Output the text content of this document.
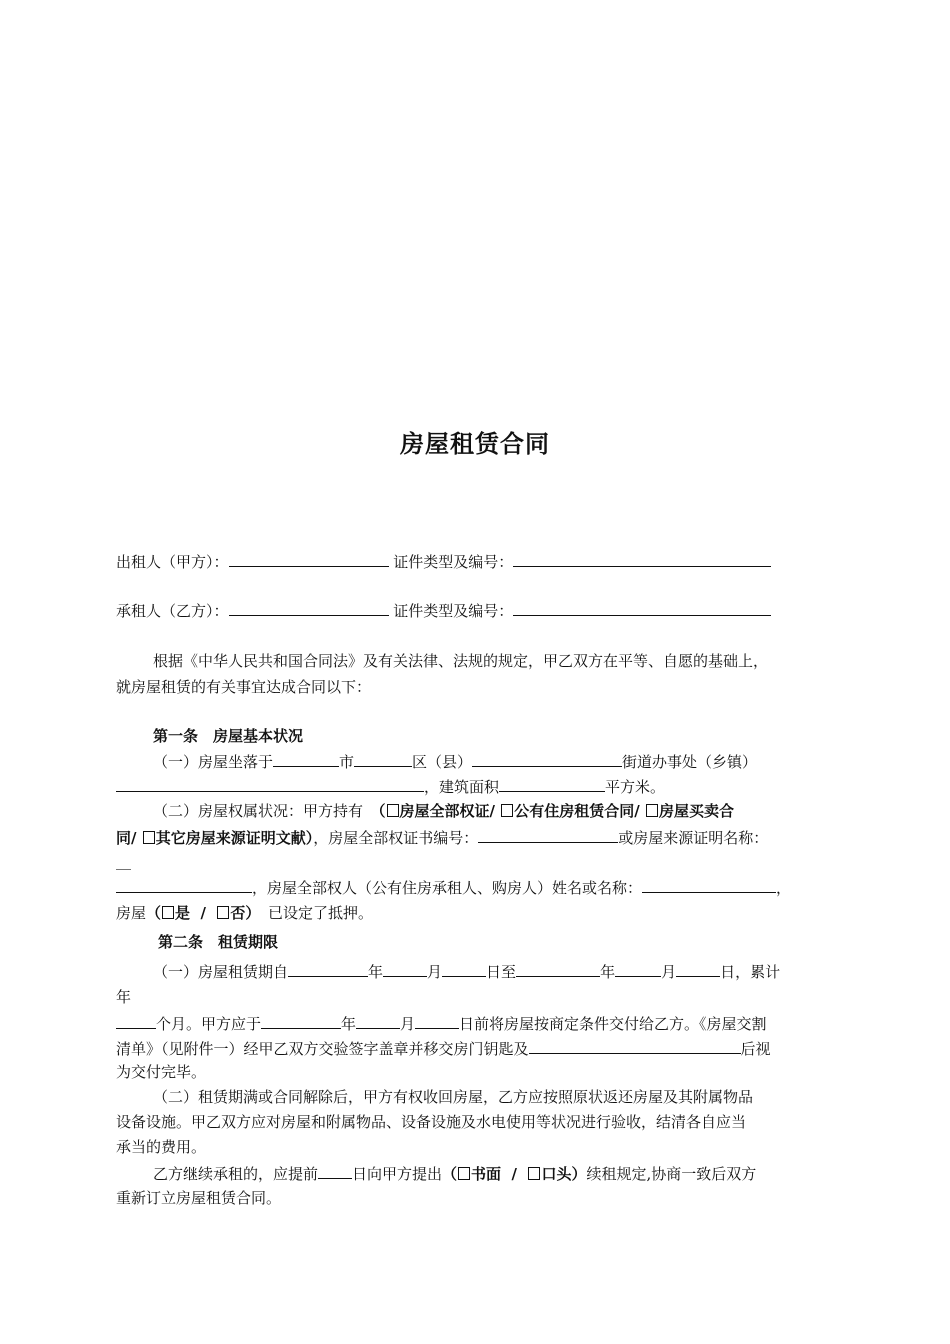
房屋租赁合同
出租人（甲方）：	证件类型及编号：
承租人（乙方）：	证件类型及编号：
根据《中华人民共和国合同法》及有关法律、法规的规定，甲乙双方在平等、自愿的基础上，
就房屋租赁的有关事宜达成合同以下：
第一条　房屋基本状况
（一）房屋坐落于	市	区（县）	街道办事处（乡镇）
，建筑面积	平方米。
（二）房屋权属状况：甲方持有　（ 房屋全部权证/ 公有住房租赁合同/ 房屋买卖合
同/ 其它房屋来源证明文献），房屋全部权证书编号：	或房屋来源证明名称：
__
，房屋全部权人（公有住房承租人、购房人）姓名或名称：	，
房屋（ 是  /  否）　已设定了抵押。
第二条　租赁期限
（一）房屋租赁期自	年	月	日至	年	月	日，累计
年
个月。甲方应于	年	月	日前将房屋按商定条件交付给乙方。《房屋交割
清单》（见附件一）经甲乙双方交验签字盖章并移交房门钥匙及	后视
为交付完毕。
（二）租赁期满或合同解除后，甲方有权收回房屋，乙方应按照原状返还房屋及其附属物品
设备设施。甲乙双方应对房屋和附属物品、设备设施及水电使用等状况进行验收，结清各自应当
承当的费用。
乙方继续承租的，应提前 日向甲方提出（ 书面  /  口头）续租规定,协商一致后双方
重新订立房屋租赁合同。
